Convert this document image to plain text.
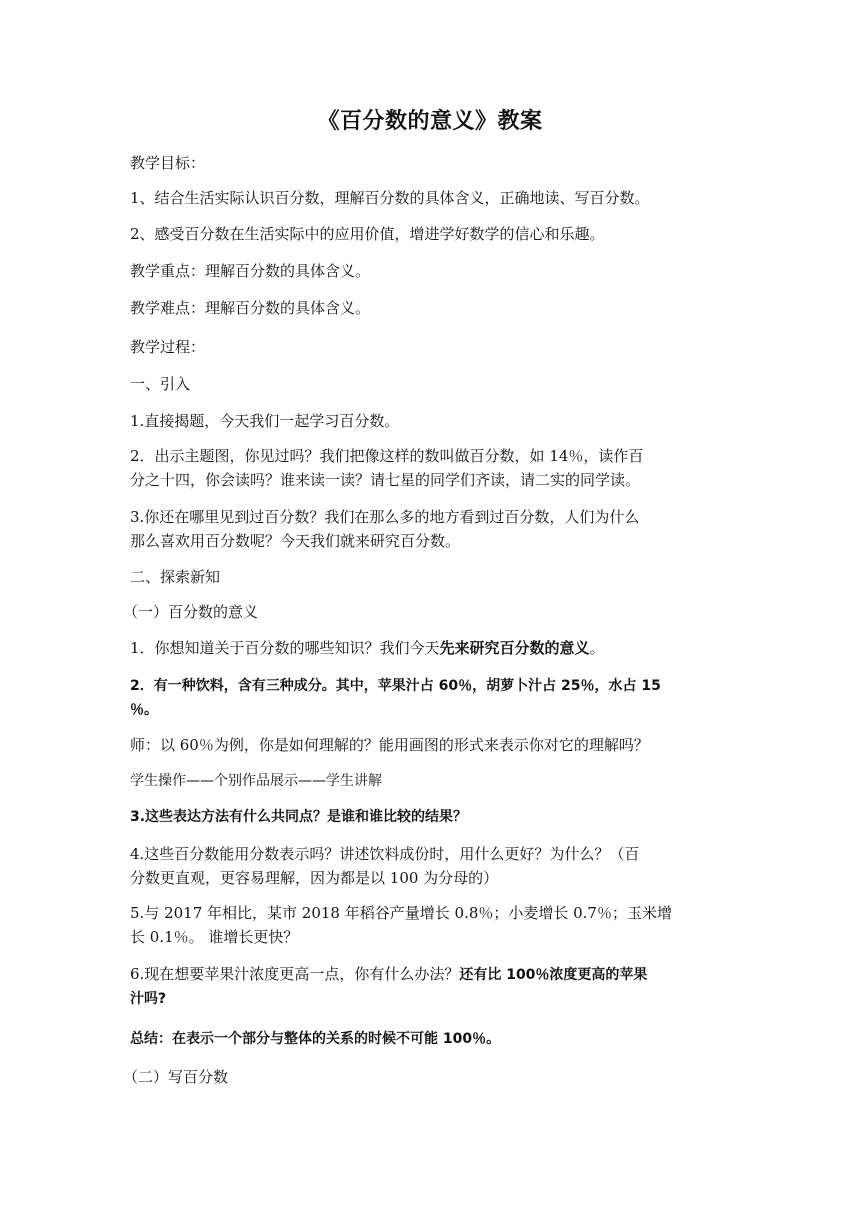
《百分数的意义》教案
教学目标：
1、结合生活实际认识百分数，理解百分数的具体含义，正确地读、写百分数。
2、感受百分数在生活实际中的应用价值，增进学好数学的信心和乐趣。
教学重点：理解百分数的具体含义。
教学难点：理解百分数的具体含义。
教学过程：
一、引入
1.直接揭题，今天我们一起学习百分数。
2．出示主题图，你见过吗？我们把像这样的数叫做百分数，如 14％，读作百
分之十四，你会读吗？谁来读一读？请七星的同学们齐读，请二实的同学读。
3.你还在哪里见到过百分数？我们在那么多的地方看到过百分数，人们为什么
那么喜欢用百分数呢？今天我们就来研究百分数。
二、探索新知
（一）百分数的意义
1．你想知道关于百分数的哪些知识？我们今天先来研究百分数的意义。
2．有一种饮料，含有三种成分。其中，苹果汁占 60％，胡萝卜汁占 25％，水占 15
％。
师：以 60％为例，你是如何理解的？能用画图的形式来表示你对它的理解吗？
学生操作——个别作品展示——学生讲解
3.这些表达方法有什么共同点？是谁和谁比较的结果？
4.这些百分数能用分数表示吗？讲述饮料成份时，用什么更好？为什么？（百
分数更直观，更容易理解，因为都是以 100 为分母的）
5.与 2017 年相比，某市 2018 年稻谷产量增长 0.8％；小麦增长 0.7％；玉米增
长 0.1％。 谁增长更快？
6.现在想要苹果汁浓度更高一点，你有什么办法？还有比 100％浓度更高的苹果
汁吗?
总结：在表示一个部分与整体的关系的时候不可能 100％。
（二）写百分数
